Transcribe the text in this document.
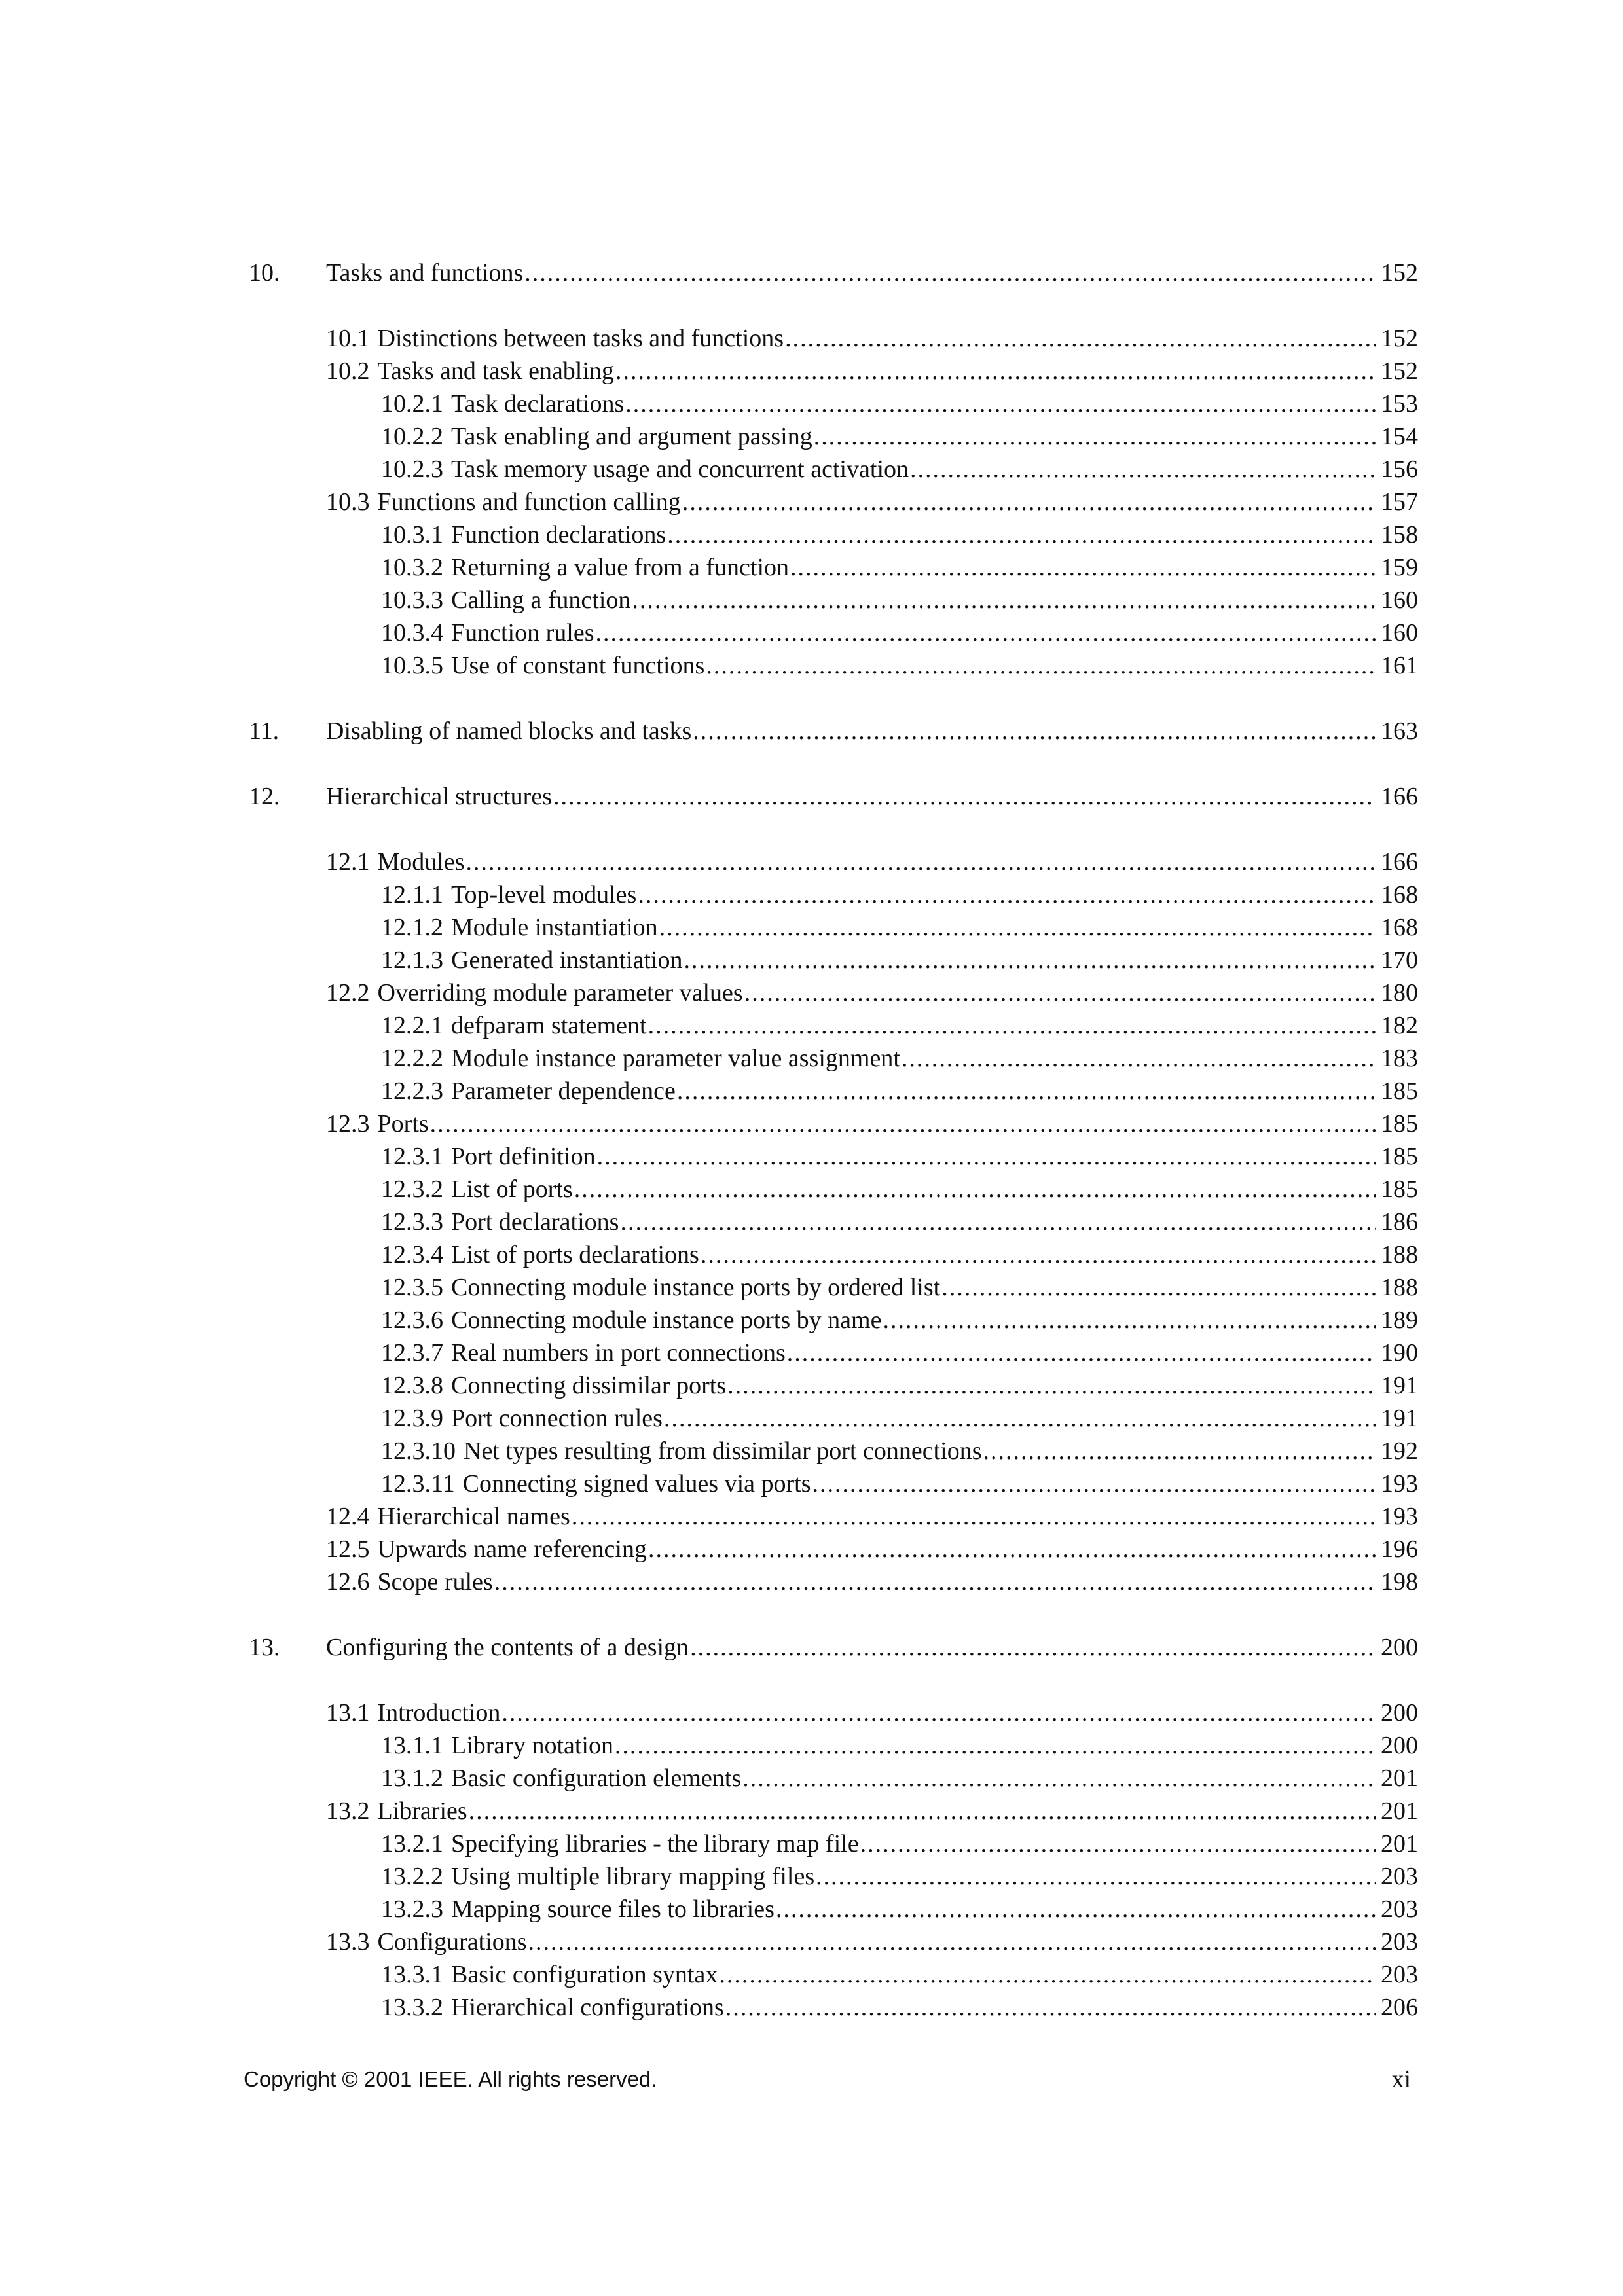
10. Tasks and functions .....	152
10.1 Distinctions between tasks and functions .....	152
10.2 Tasks and task enabling .....	152
10.2.1 Task declarations .....	153
10.2.2 Task enabling and argument passing .....	154
10.2.3 Task memory usage and concurrent activation .....	156
10.3 Functions and function calling .....	157
10.3.1 Function declarations .....	158
10.3.2 Returning a value from a function .....	159
10.3.3 Calling a function .....	160
10.3.4 Function rules .....	160
10.3.5 Use of constant functions .....	161
11. Disabling of named blocks and tasks .....	163
12. Hierarchical structures .....	166
12.1 Modules .....	166
12.1.1 Top-level modules .....	168
12.1.2 Module instantiation .....	168
12.1.3 Generated instantiation .....	170
12.2 Overriding module parameter values .....	180
12.2.1 defparam statement .....	182
12.2.2 Module instance parameter value assignment .....	183
12.2.3 Parameter dependence .....	185
12.3 Ports .....	185
12.3.1 Port definition .....	185
12.3.2 List of ports .....	185
12.3.3 Port declarations .....	186
12.3.4 List of ports declarations .....	188
12.3.5 Connecting module instance ports by ordered list .....	188
12.3.6 Connecting module instance ports by name .....	189
12.3.7 Real numbers in port connections .....	190
12.3.8 Connecting dissimilar ports .....	191
12.3.9 Port connection rules .....	191
12.3.10 Net types resulting from dissimilar port connections .....	192
12.3.11 Connecting signed values via ports .....	193
12.4 Hierarchical names .....	193
12.5 Upwards name referencing .....	196
12.6 Scope rules .....	198
13. Configuring the contents of a design .....	200
13.1 Introduction .....	200
13.1.1 Library notation .....	200
13.1.2 Basic configuration elements .....	201
13.2 Libraries .....	201
13.2.1 Specifying libraries - the library map file .....	201
13.2.2 Using multiple library mapping files .....	203
13.2.3 Mapping source files to libraries .....	203
13.3 Configurations .....	203
13.3.1 Basic configuration syntax .....	203
13.3.2 Hierarchical configurations .....	206
Copyright © 2001 IEEE. All rights reserved.	xi
